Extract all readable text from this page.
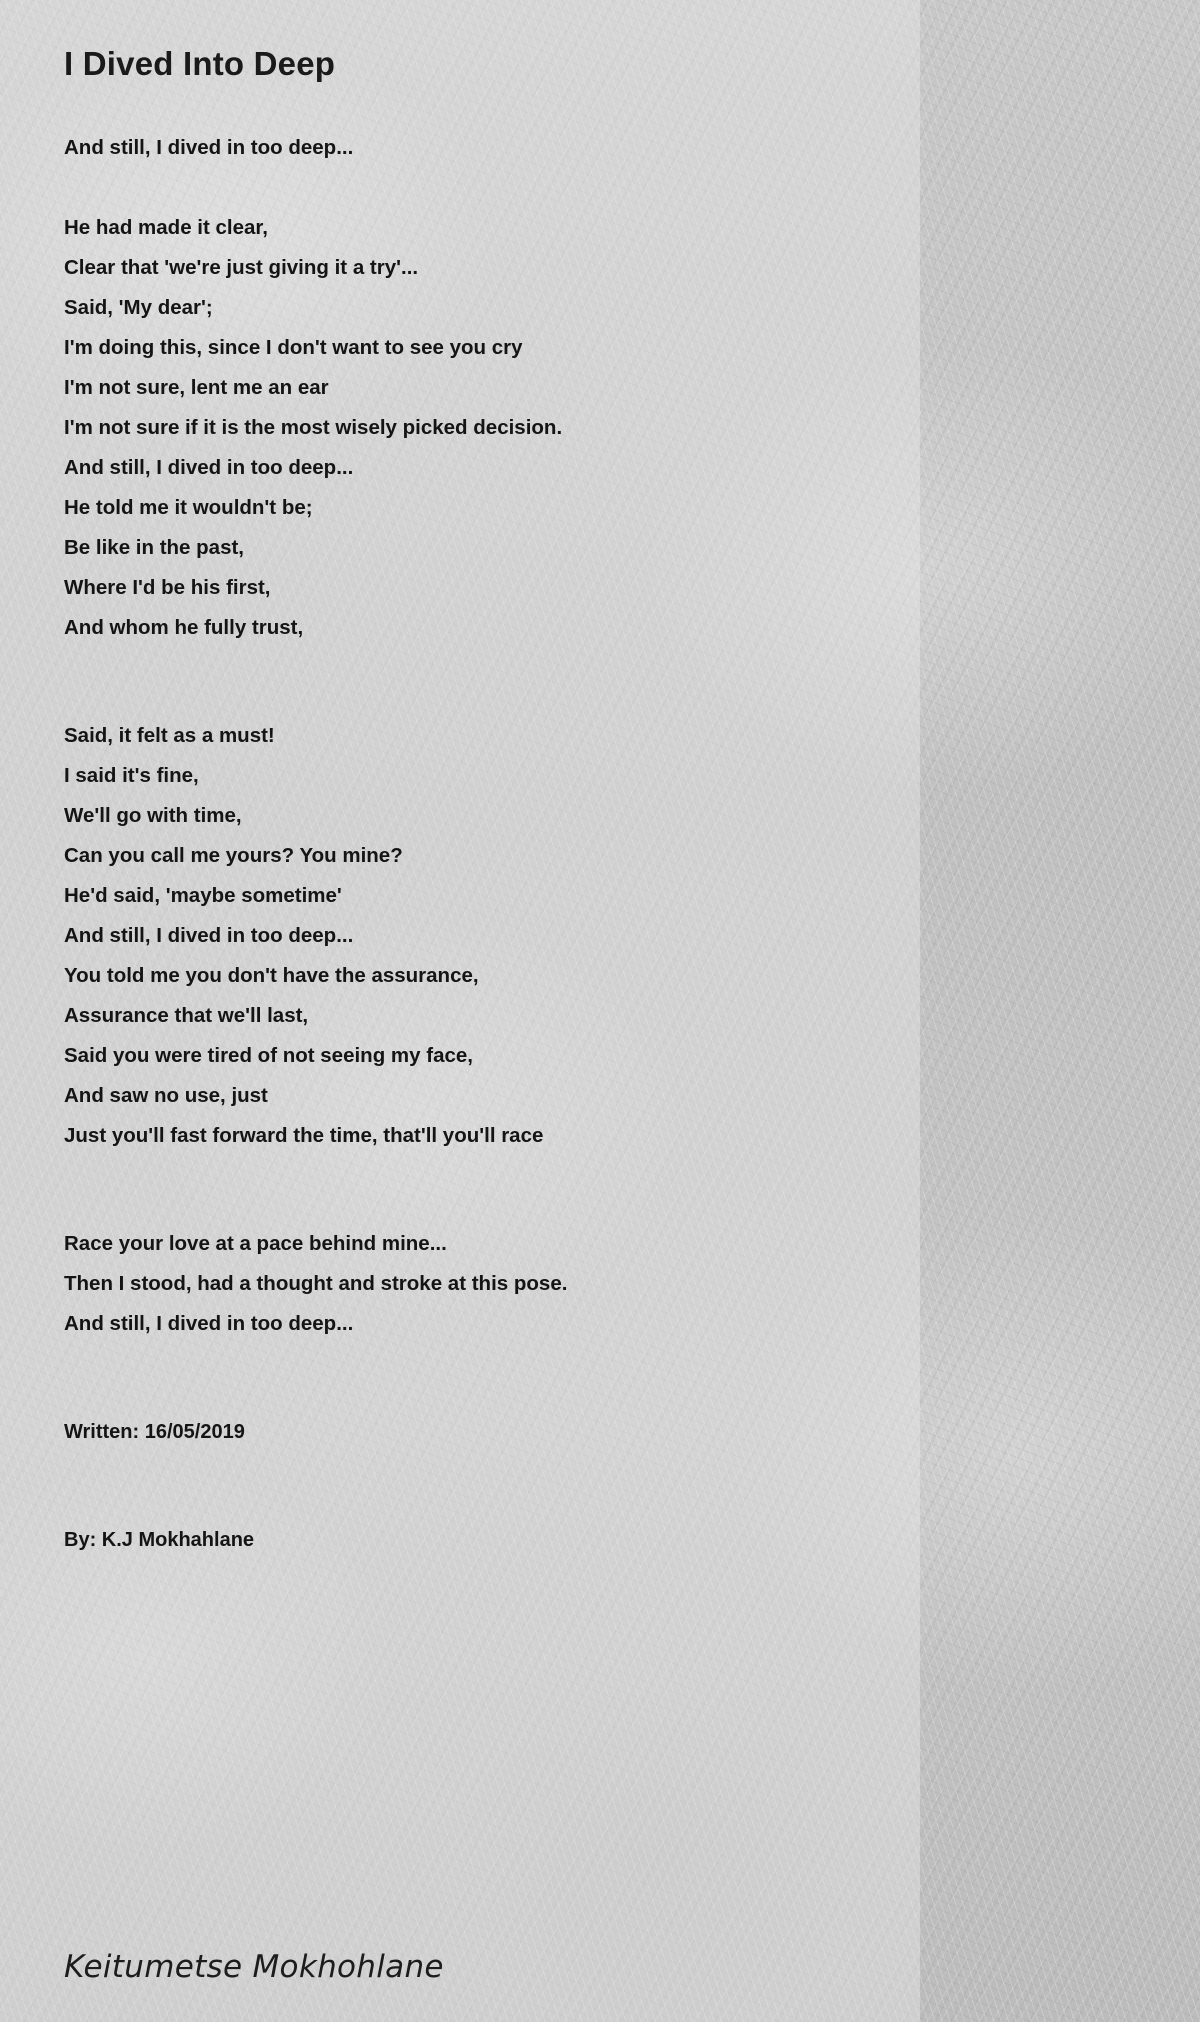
I Dived Into Deep
And still, I dived in too deep...
He had made it clear,
Clear that 'we're just giving it a try'...
Said, 'My dear';
I'm doing this, since I don't want to see you cry
I'm not sure, lent me an ear
I'm not sure if it is the most wisely picked decision.
And still, I dived in too deep...
He told me it wouldn't be;
Be like in the past,
Where I'd be his first,
And whom he fully trust,
Said, it felt as a must!
I said it's fine,
We'll go with time,
Can you call me yours? You mine?
He'd said, 'maybe sometime'
And still, I dived in too deep...
You told me you don't have the assurance,
Assurance that we'll last,
Said you were tired of not seeing my face,
And saw no use, just
Just you'll fast forward the time, that'll you'll race
Race your love at a pace behind mine...
Then I stood, had a thought and stroke at this pose.
And still, I dived in too deep...
Written: 16/05/2019
By: K.J Mokhahlane
Keitumetse Mokhohlane
